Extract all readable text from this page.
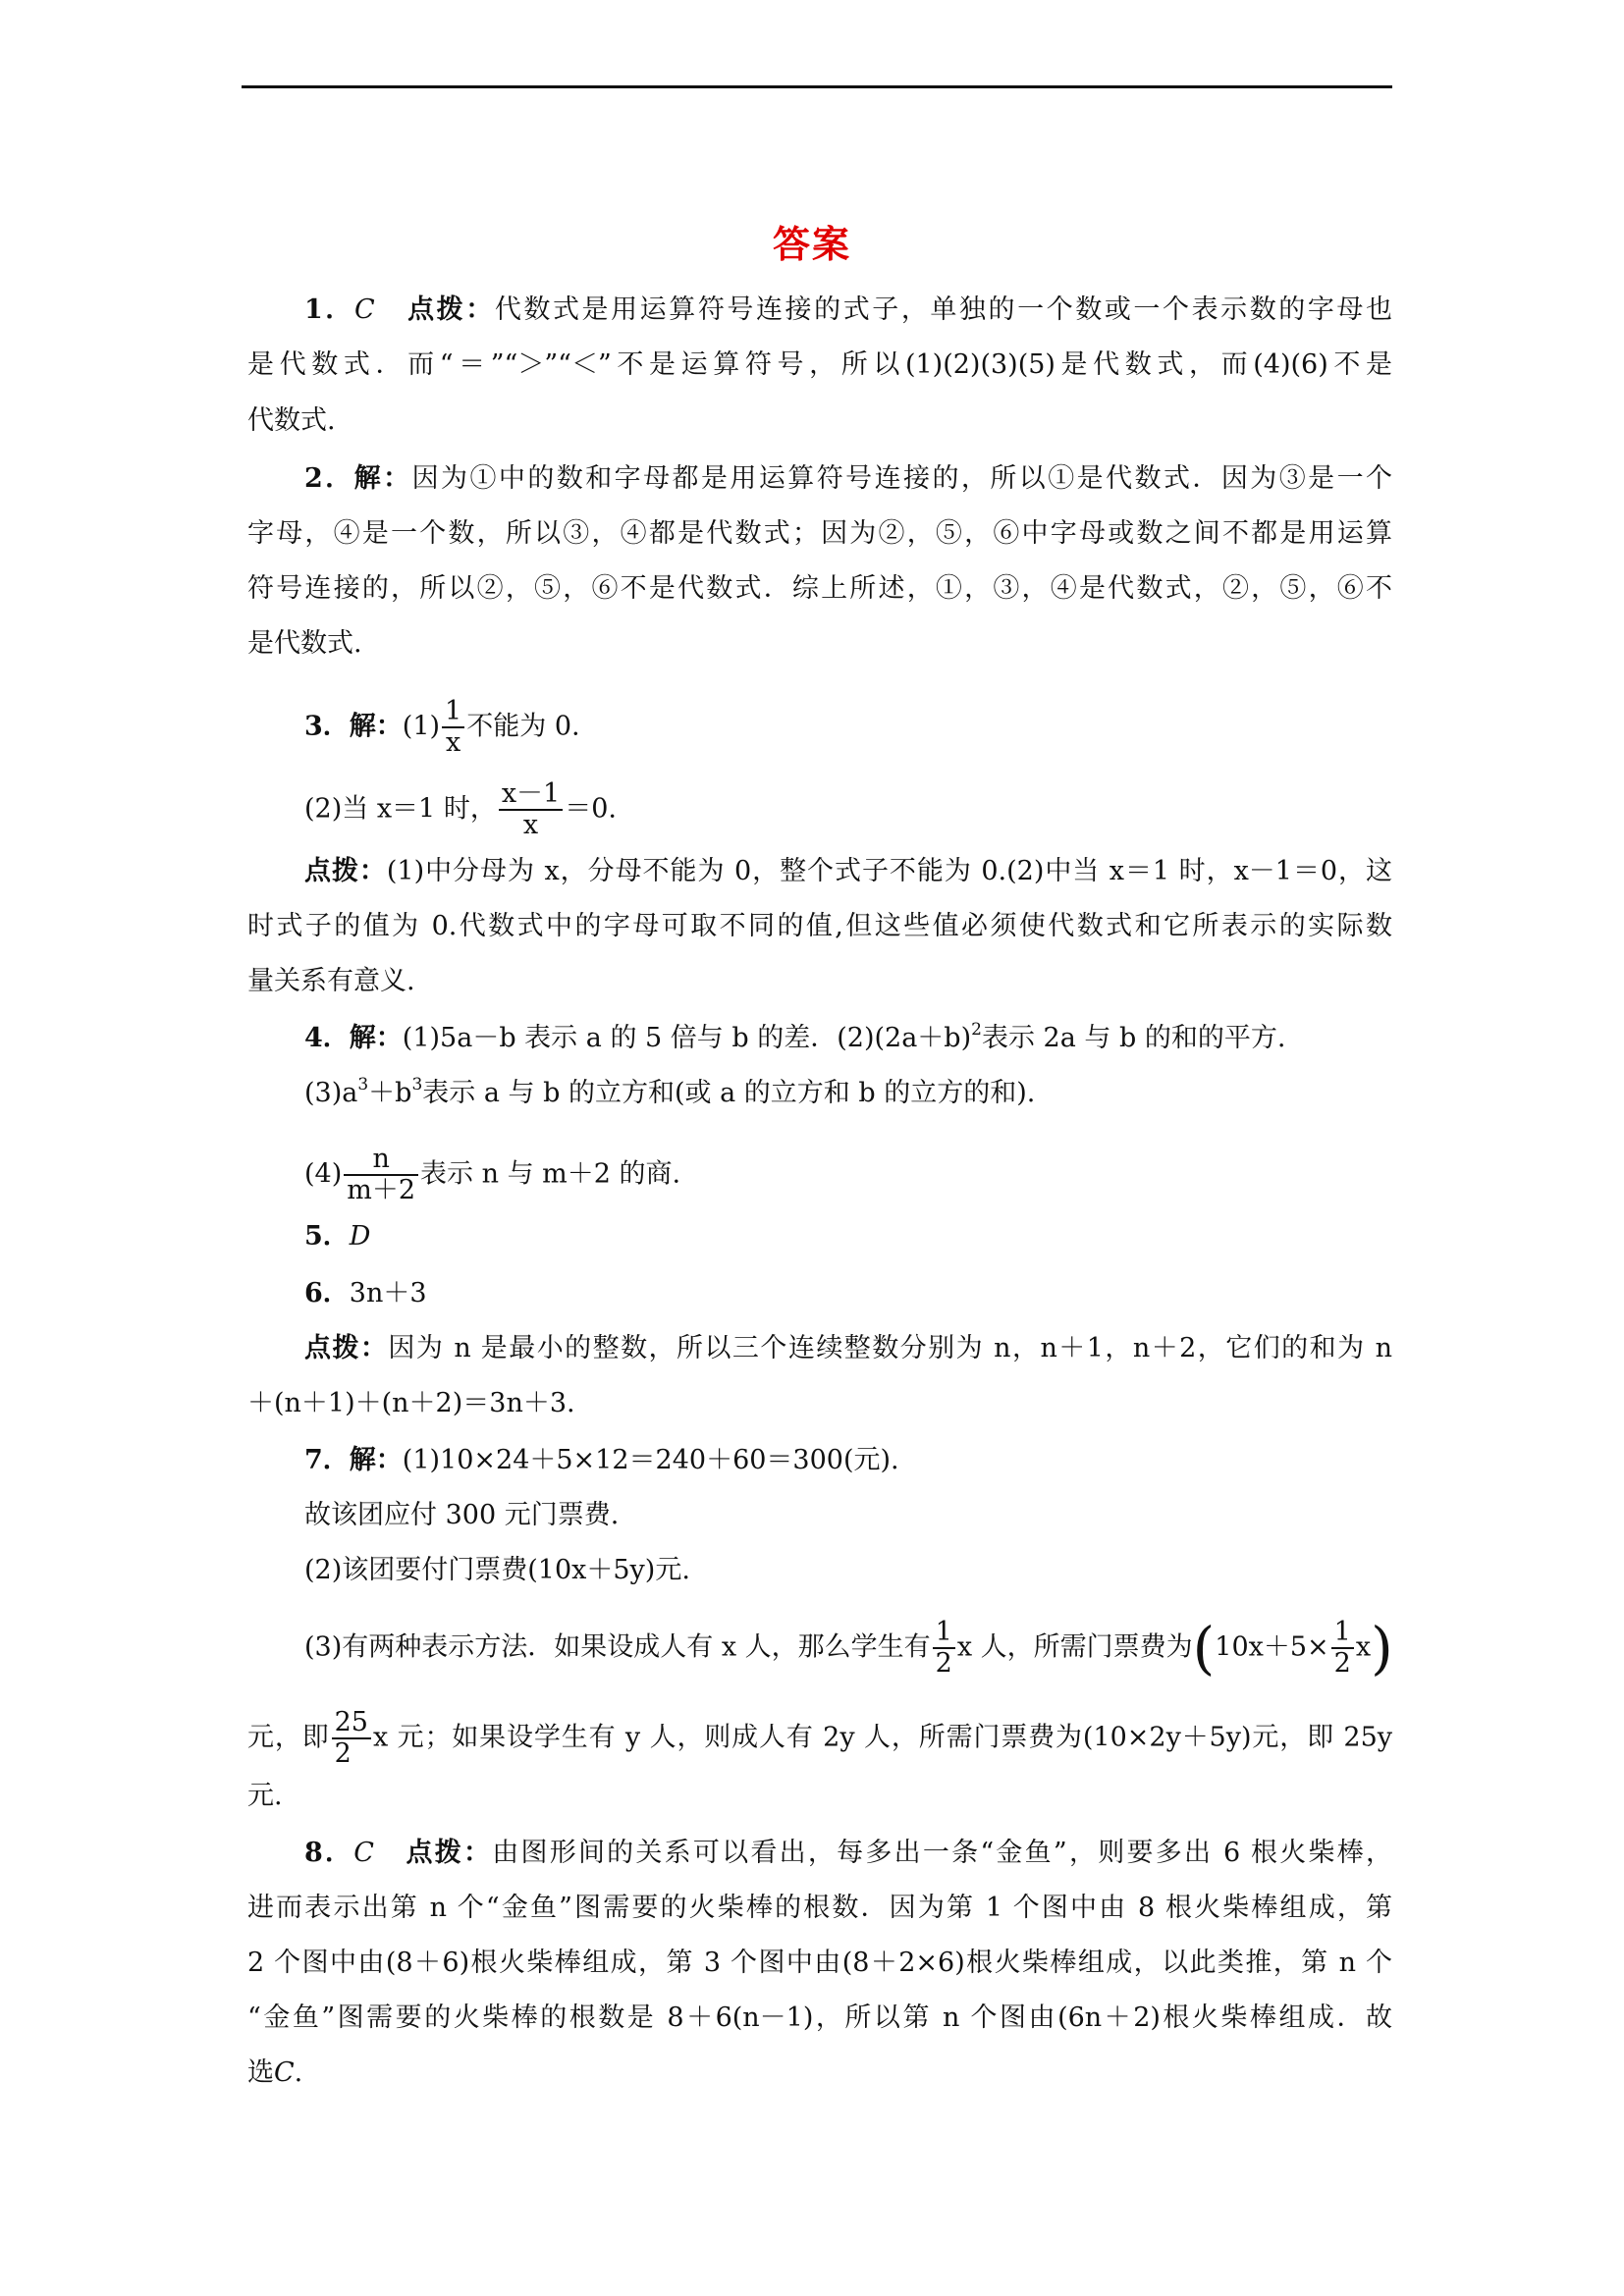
答案
1．C 点拨：代数式是用运算符号连接的式子，单独的一个数或一个表示数的字母也
是代数式．而“＝”“＞”“＜”不是运算符号，所以(1)(2)(3)(5)是代数式，而(4)(6)不是
代数式.
2．解：因为①中的数和字母都是用运算符号连接的，所以①是代数式．因为③是一个
字母，④是一个数，所以③，④都是代数式；因为②，⑤，⑥中字母或数之间不都是用运算
符号连接的，所以②，⑤，⑥不是代数式．综上所述，①，③，④是代数式，②，⑤，⑥不
是代数式.
3．解：$(1) \frac{1}{x}$ 不能为 0.
(2)当 x＝1 时， $\frac{x-1}{x} =0$.
点拨：(1)中分母为 x，分母不能为 0，整个式子不能为 0.(2)中当 x＝1 时，x－1＝0，这
时式子的值为 0.代数式中的字母可取不同的值,但这些值必须使代数式和它所表示的实际数
量关系有意义.
4．解：(1)5a－b 表示 a 的 5 倍与 b 的差．$(2)(2a+b)^2$表示 2a 与 b 的和的平方.
$(3)a^3+b^3$表示 a 与 b 的立方和(或 a 的立方和 b 的立方的和).
$(4) \frac{n}{m+2}$ 表示 n 与 m＋2 的商.
5．D
6．3n＋3
点拨：因为 n 是最小的整数，所以三个连续整数分别为 n，n＋1，n＋2，它们的和为 n
＋(n＋1)＋(n＋2)＝3n＋3.
7．解：(1)10×24＋5×12＝240＋60＝300(元).
故该团应付 300 元门票费.
(2)该团要付门票费(10x＋5y)元.
(3)有两种表示方法．如果设成人有 x 人，那么学生有 $\frac{1}{2}$ x 人，所需门票费为$(10x+5\times \frac{1}{2} x)$
元，即 $\frac{25}{2}$ x 元；如果设学生有 y 人，则成人有 2y 人，所需门票费为(10×2y＋5y)元，即 25y
元.
8．C 点拨：由图形间的关系可以看出，每多出一条“金鱼”，则要多出 6 根火柴棒，
进而表示出第 n 个“金鱼”图需要的火柴棒的根数．因为第 1 个图中由 8 根火柴棒组成，第
2 个图中由(8＋6)根火柴棒组成，第 3 个图中由(8＋2×6)根火柴棒组成，以此类推，第 n 个
“金鱼”图需要的火柴棒的根数是 8＋6(n－1)，所以第 n 个图由(6n＋2)根火柴棒组成．故
选C.
